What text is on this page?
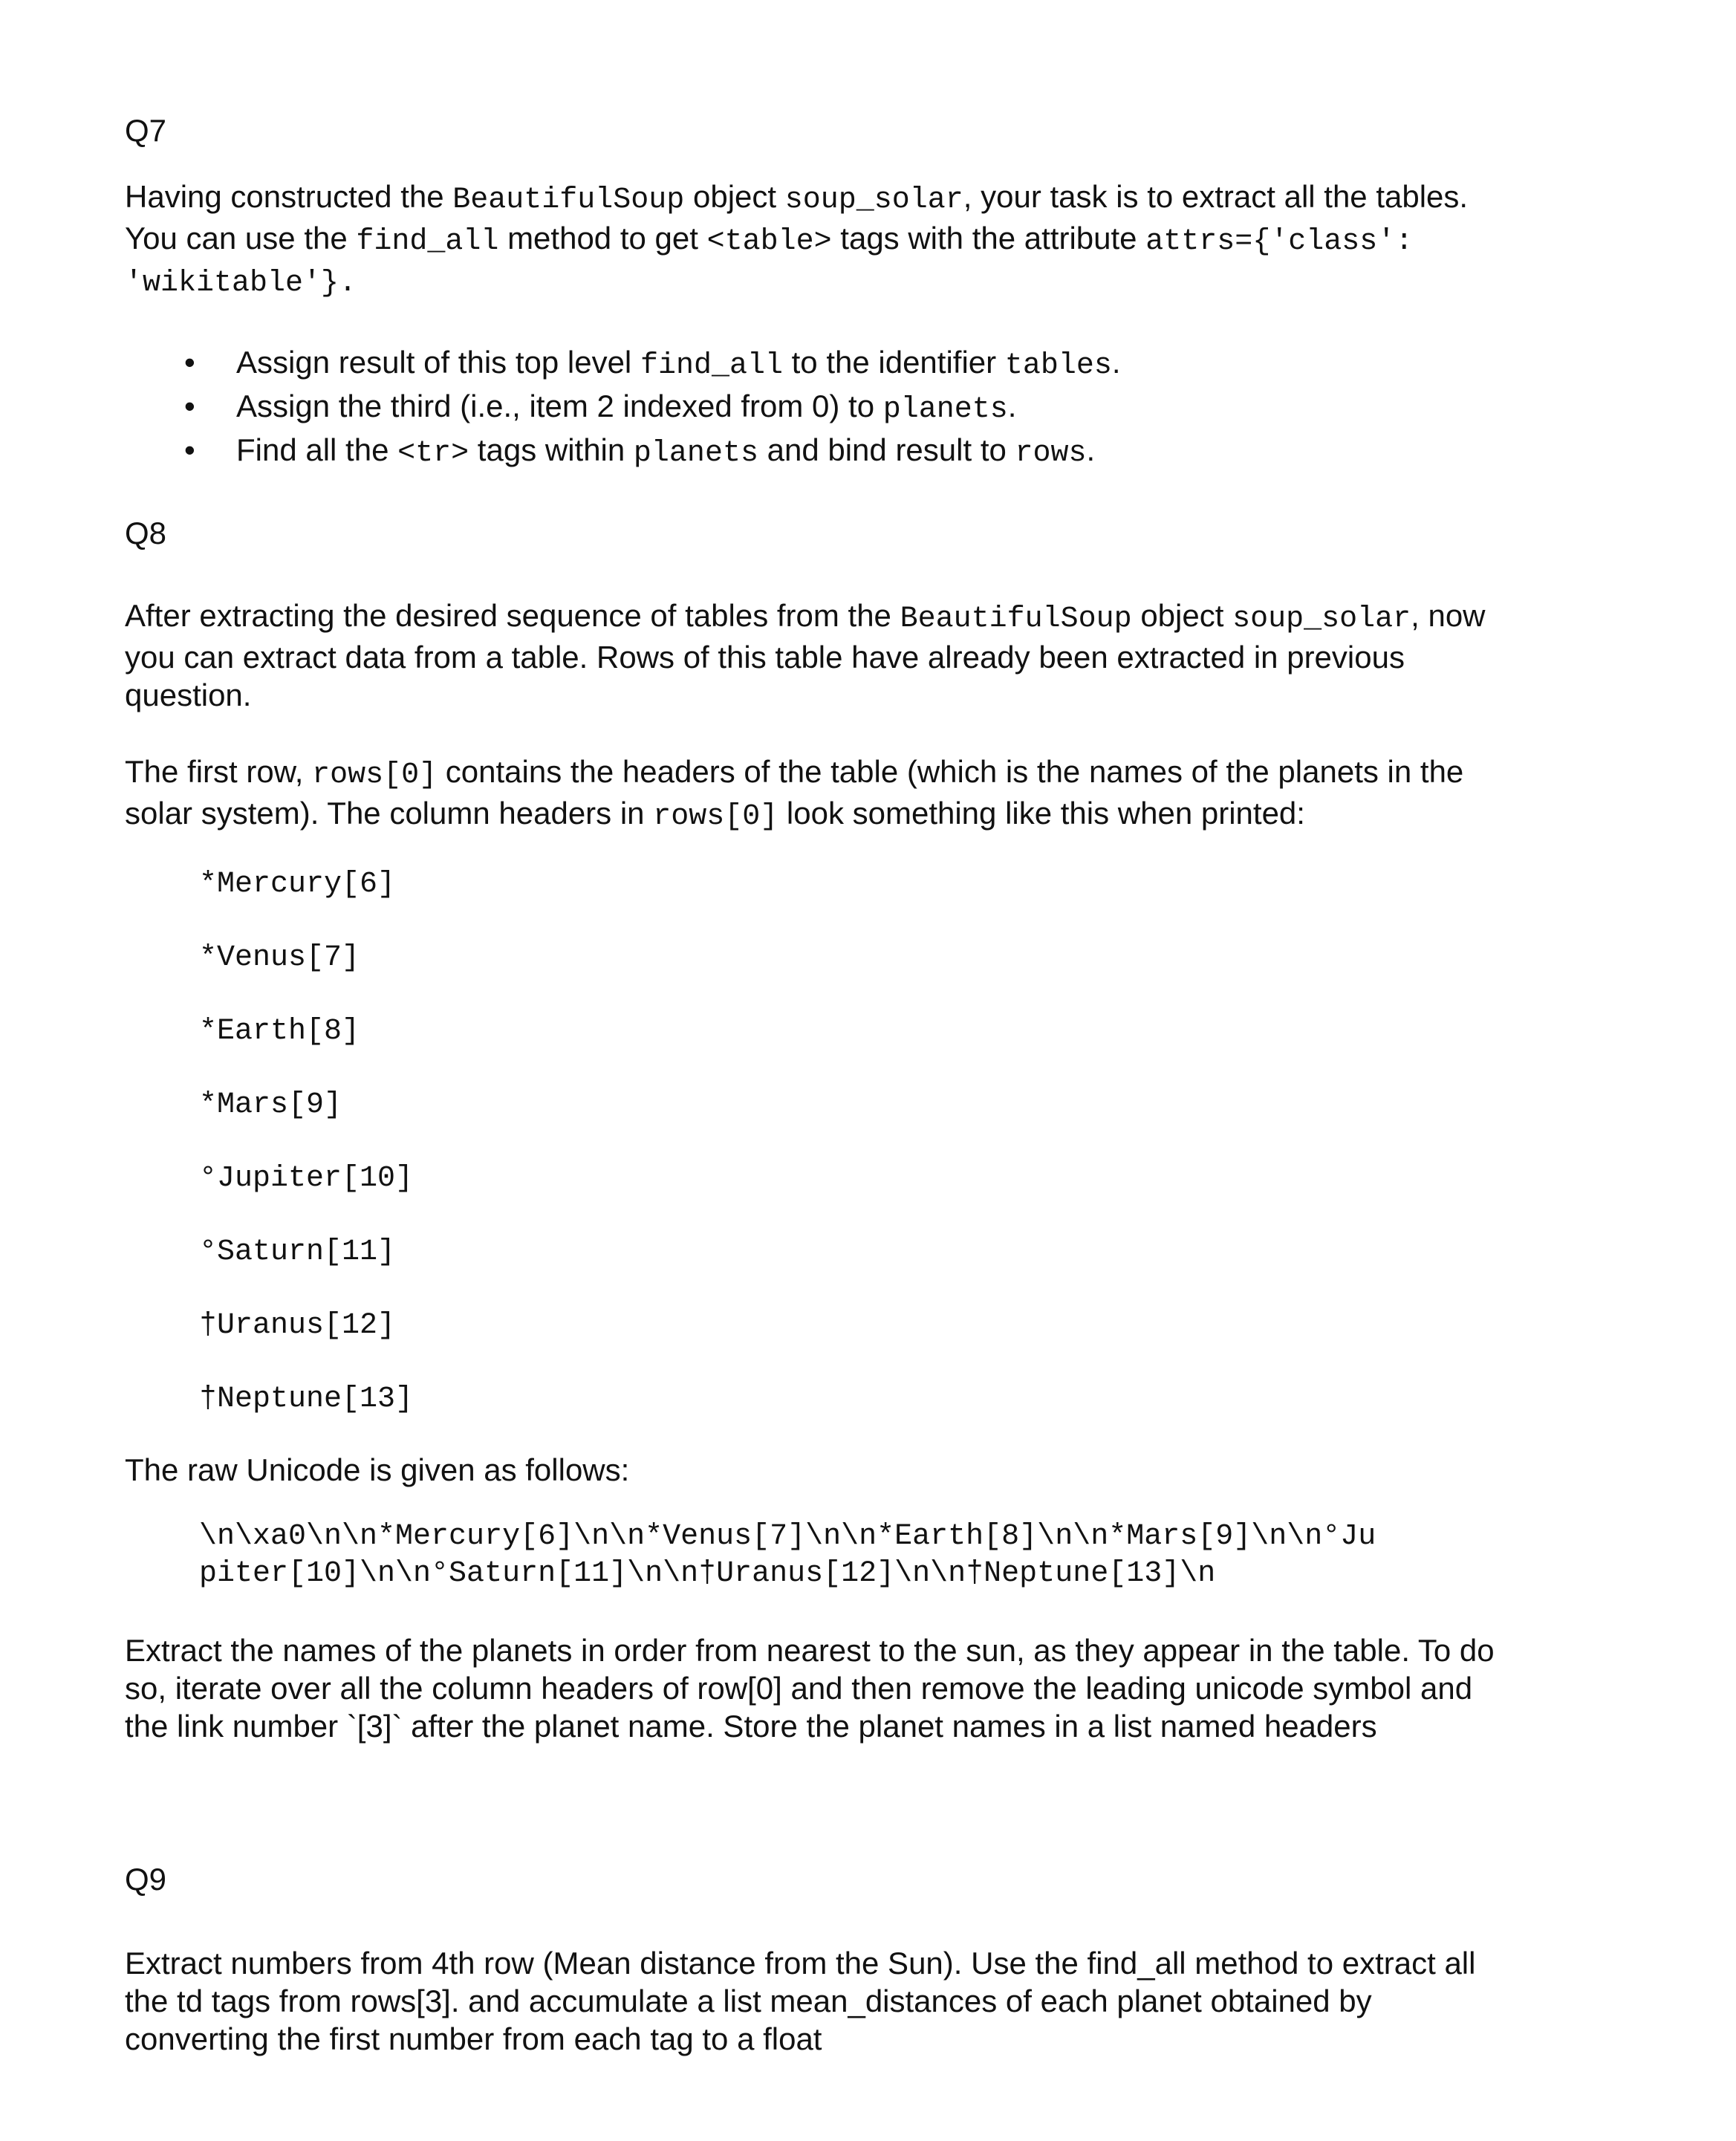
Q7

Having constructed the BeautifulSoup object soup_solar, your task is to extract all the tables.
You can use the find_all method to get <table> tags with the attribute attrs={'class':
'wikitable'}.

• Assign result of this top level find_all to the identifier tables.
• Assign the third (i.e., item 2 indexed from 0) to planets.
• Find all the <tr> tags within planets and bind result to rows.

Q8

After extracting the desired sequence of tables from the BeautifulSoup object soup_solar, now
you can extract data from a table. Rows of this table have already been extracted in previous
question.

The first row, rows[0] contains the headers of the table (which is the names of the planets in the
solar system). The column headers in rows[0] look something like this when printed:

*Mercury[6]
*Venus[7]
*Earth[8]
*Mars[9]
°Jupiter[10]
°Saturn[11]
†Uranus[12]
†Neptune[13]

The raw Unicode is given as follows:

\n\xa0\n\n*Mercury[6]\n\n*Venus[7]\n\n*Earth[8]\n\n*Mars[9]\n\n°Ju
piter[10]\n\n°Saturn[11]\n\n†Uranus[12]\n\n†Neptune[13]\n

Extract the names of the planets in order from nearest to the sun, as they appear in the table. To do
so, iterate over all the column headers of row[0] and then remove the leading unicode symbol and
the link number `[3]` after the planet name. Store the planet names in a list named headers

Q9

Extract numbers from 4th row (Mean distance from the Sun). Use the find_all method to extract all
the td tags from rows[3]. and accumulate a list mean_distances of each planet obtained by
converting the first number from each tag to a float
